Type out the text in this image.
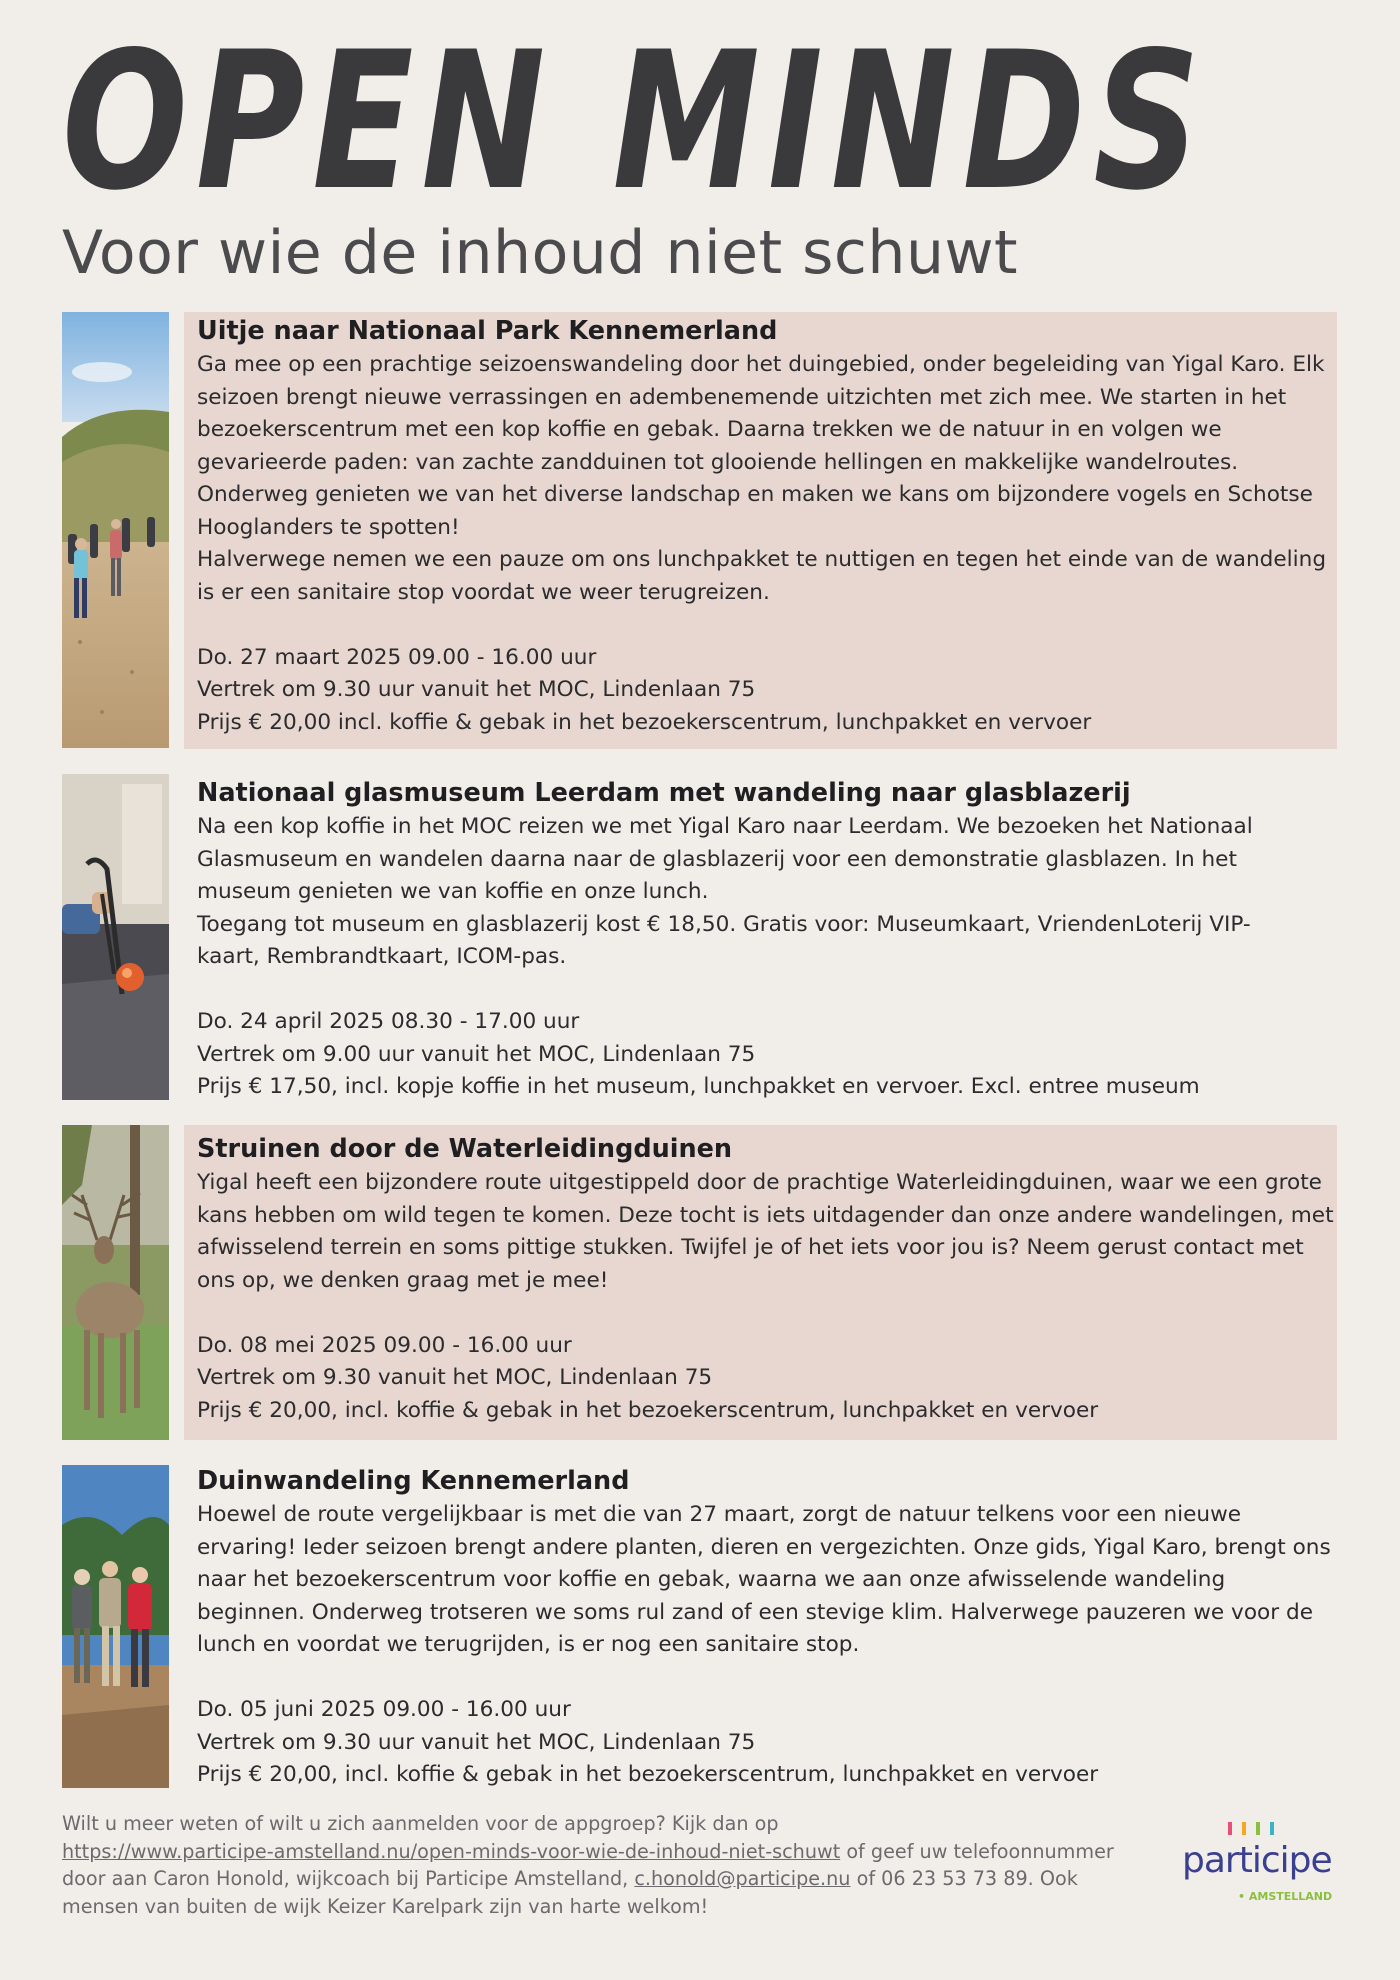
OPEN MINDS
Voor wie de inhoud niet schuwt
Uitje naar Nationaal Park Kennemerland
Ga mee op een prachtige seizoenswandeling door het duingebied, onder begeleiding van Yigal Karo. Elk seizoen brengt nieuwe verrassingen en adembenemende uitzichten met zich mee. We starten in het bezoekerscentrum met een kop koffie en gebak. Daarna trekken we de natuur in en volgen we gevarieerde paden: van zachte zandduinen tot glooiende hellingen en makkelijke wandelroutes. Onderweg genieten we van het diverse landschap en maken we kans om bijzondere vogels en Schotse Hooglanders te spotten!
Halverwege nemen we een pauze om ons lunchpakket te nuttigen en tegen het einde van de wandeling is er een sanitaire stop voordat we weer terugreizen.
Do. 27 maart 2025 09.00 - 16.00 uur
Vertrek om 9.30 uur vanuit het MOC, Lindenlaan 75
Prijs € 20,00 incl. koffie & gebak in het bezoekerscentrum, lunchpakket en vervoer
Nationaal glasmuseum Leerdam met wandeling naar glasblazerij
Na een kop koffie in het MOC reizen we met Yigal Karo naar Leerdam. We bezoeken het Nationaal Glasmuseum en wandelen daarna naar de glasblazerij voor een demonstratie glasblazen. In het museum genieten we van koffie en onze lunch.
Toegang tot museum en glasblazerij kost € 18,50. Gratis voor: Museumkaart, VriendenLoterij VIP-kaart, Rembrandtkaart, ICOM-pas.
Do. 24 april 2025 08.30 - 17.00 uur
Vertrek om 9.00 uur vanuit het MOC, Lindenlaan 75
Prijs € 17,50, incl. kopje koffie in het museum, lunchpakket en vervoer. Excl. entree museum
Struinen door de Waterleidingduinen
Yigal heeft een bijzondere route uitgestippeld door de prachtige Waterleidingduinen, waar we een grote kans hebben om wild tegen te komen. Deze tocht is iets uitdagender dan onze andere wandelingen, met afwisselend terrein en soms pittige stukken. Twijfel je of het iets voor jou is? Neem gerust contact met ons op, we denken graag met je mee!
Do. 08 mei 2025 09.00 - 16.00 uur
Vertrek om 9.30 vanuit het MOC, Lindenlaan 75
Prijs € 20,00, incl. koffie & gebak in het bezoekerscentrum, lunchpakket en vervoer
Duinwandeling Kennemerland
Hoewel de route vergelijkbaar is met die van 27 maart, zorgt de natuur telkens voor een nieuwe ervaring! Ieder seizoen brengt andere planten, dieren en vergezichten. Onze gids, Yigal Karo, brengt ons naar het bezoekerscentrum voor koffie en gebak, waarna we aan onze afwisselende wandeling beginnen. Onderweg trotseren we soms rul zand of een stevige klim. Halverwege pauzeren we voor de lunch en voordat we terugrijden, is er nog een sanitaire stop.
Do. 05 juni 2025 09.00 - 16.00 uur
Vertrek om 9.30 uur vanuit het MOC, Lindenlaan 75
Prijs € 20,00, incl. koffie & gebak in het bezoekerscentrum, lunchpakket en vervoer
Wilt u meer weten of wilt u zich aanmelden voor de appgroep? Kijk dan op
https://www.participe-amstelland.nu/open-minds-voor-wie-de-inhoud-niet-schuwt of geef uw telefoonnummer door aan Caron Honold, wijkcoach bij Participe Amstelland, c.honold@participe.nu of 06 23 53 73 89. Ook mensen van buiten de wijk Keizer Karelpark zijn van harte welkom!
participe
• AMSTELLAND
